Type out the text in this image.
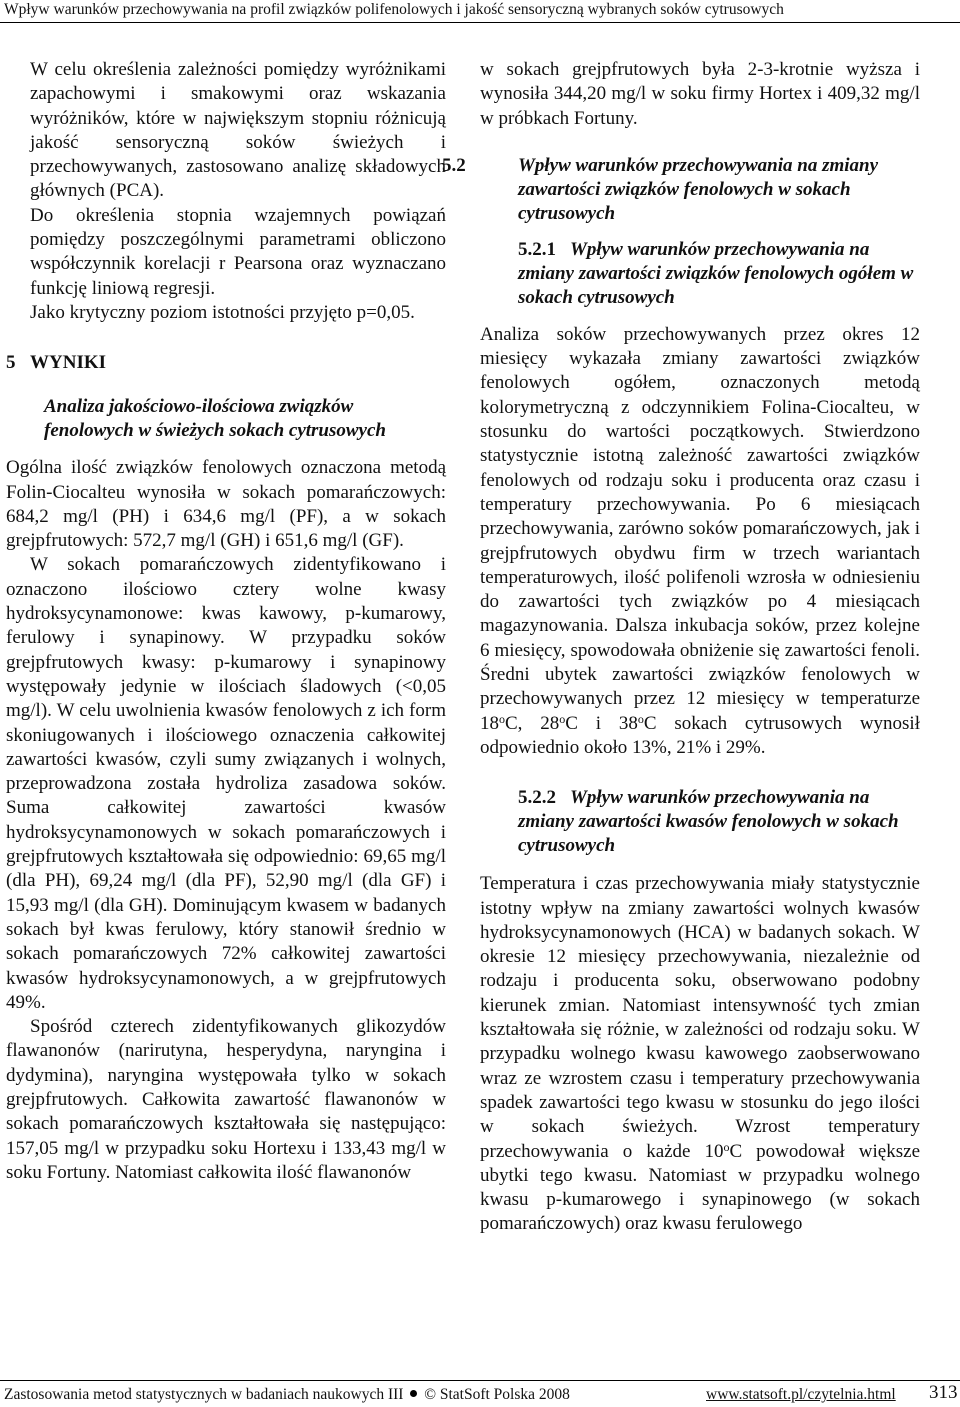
Wpływ warunków przechowywania na profil związków polifenolowych i jakość sensoryczną wybranych soków cytrusowych

W celu określenia zależności pomiędzy wyróżnikami zapachowymi i smakowymi oraz wskazania wyróżników, które w największym stopniu różnicują jakość sensoryczną soków świeżych i przechowywanych, zastosowano analizę składowych głównych (PCA).

Do określenia stopnia wzajemnych powiązań pomiędzy poszczególnymi parametrami obliczono współczynnik korelacji r Pearsona oraz wyznaczano funkcję liniową regresji.

Jako krytyczny poziom istotności przyjęto p=0,05.

5 WYNIKI
Analiza jakościowo-ilościowa związków fenolowych w świeżych sokach cytrusowych

Ogólna ilość związków fenolowych oznaczona metodą Folin-Ciocalteu wynosiła w sokach pomarańczowych: 684,2 mg/l (PH) i 634,6 mg/l (PF), a w sokach grejpfrutowych: 572,7 mg/l (GH) i 651,6 mg/l (GF).

W sokach pomarańczowych zidentyfikowano i oznaczono ilościowo cztery wolne kwasy hydroksycynamonowe: kwas kawowy, p-kumarowy, ferulowy i synapinowy. W przypadku soków grejpfrutowych kwasy: p-kumarowy i synapinowy występowały jedynie w ilościach śladowych (<0,05 mg/l). W celu uwolnienia kwasów fenolowych z ich form skoniugowanych i ilościowego oznaczenia całkowitej zawartości kwasów, czyli sumy związanych i wolnych, przeprowadzona została hydroliza zasadowa soków. Suma całkowitej zawartości kwasów hydroksycynamonowych w sokach pomarańczowych i grejpfrutowych kształtowała się odpowiednio: 69,65 mg/l (dla PH), 69,24 mg/l (dla PF), 52,90 mg/l (dla GF) i 15,93 mg/l (dla GH). Dominującym kwasem w badanych sokach był kwas ferulowy, który stanowił średnio w sokach pomarańczowych 72% całkowitej zawartości kwasów hydroksycynamonowych, a w grejpfrutowych 49%.

Spośród czterech zidentyfikowanych glikozydów flawanonów (narirutyna, hesperydyna, naryngina i dydymina), naryngina występowała tylko w sokach grejpfrutowych. Całkowita zawartość flawanonów w sokach pomarańczowych kształtowała się następująco: 157,05 mg/l w przypadku soku Hortexu i 133,43 mg/l w soku Fortuny. Natomiast całkowita ilość flawanonów

w sokach grejpfrutowych była 2-3-krotnie wyższa i wynosiła 344,20 mg/l w soku firmy Hortex i 409,32 mg/l w próbkach Fortuny.

5.2	Wpływ warunków przechowywania na zmiany zawartości związków fenolowych w sokach cytrusowych
5.2.1 Wpływ warunków przechowywania na zmiany zawartości związków fenolowych ogółem w sokach cytrusowych

Analiza soków przechowywanych przez okres 12 miesięcy wykazała zmiany zawartości związków fenolowych ogółem, oznaczonych metodą kolorymetryczną z odczynnikiem Folina-Ciocalteu, w stosunku do wartości początkowych. Stwierdzono statystycznie istotną zależność zawartości związków fenolowych od rodzaju soku i producenta oraz czasu i temperatury przechowywania. Po 6 miesiącach przechowywania, zarówno soków pomarańczowych, jak i grejpfrutowych obydwu firm w trzech wariantach temperaturowych, ilość polifenoli wzrosła w odniesieniu do zawartości tych związków po 4 miesiącach magazynowania. Dalsza inkubacja soków, przez kolejne 6 miesięcy, spowodowała obniżenie się zawartości fenoli. Średni ubytek zawartości związków fenolowych w przechowywanych przez 12 miesięcy w temperaturze 18$^o$C, 28$^o$C i 38$^o$C sokach cytrusowych wynosił odpowiednio około 13%, 21% i 29%.

5.2.2 Wpływ warunków przechowywania na zmiany zawartości kwasów fenolowych w sokach cytrusowych

Temperatura i czas przechowywania miały statystycznie istotny wpływ na zmiany zawartości wolnych kwasów hydroksycynamonowych (HCA) w badanych sokach. W okresie 12 miesięcy przechowywania, niezależnie od rodzaju i producenta soku, obserwowano podobny kierunek zmian. Natomiast intensywność tych zmian kształtowała się różnie, w zależności od rodzaju soku. W przypadku wolnego kwasu kawowego zaobserwowano wraz ze wzrostem czasu i temperatury przechowywania spadek zawartości tego kwasu w stosunku do jego ilości w sokach świeżych. Wzrost temperatury przechowywania o każde 10$^o$C powodował większe ubytki tego kwasu. Natomiast w przypadku wolnego kwasu p-kumarowego i synapinowego (w sokach pomarańczowych) oraz kwasu ferulowego

Zastosowania metod statystycznych w badaniach naukowych III © StatSoft Polska 2008	www.statsoft.pl/czytelnia.html 313
